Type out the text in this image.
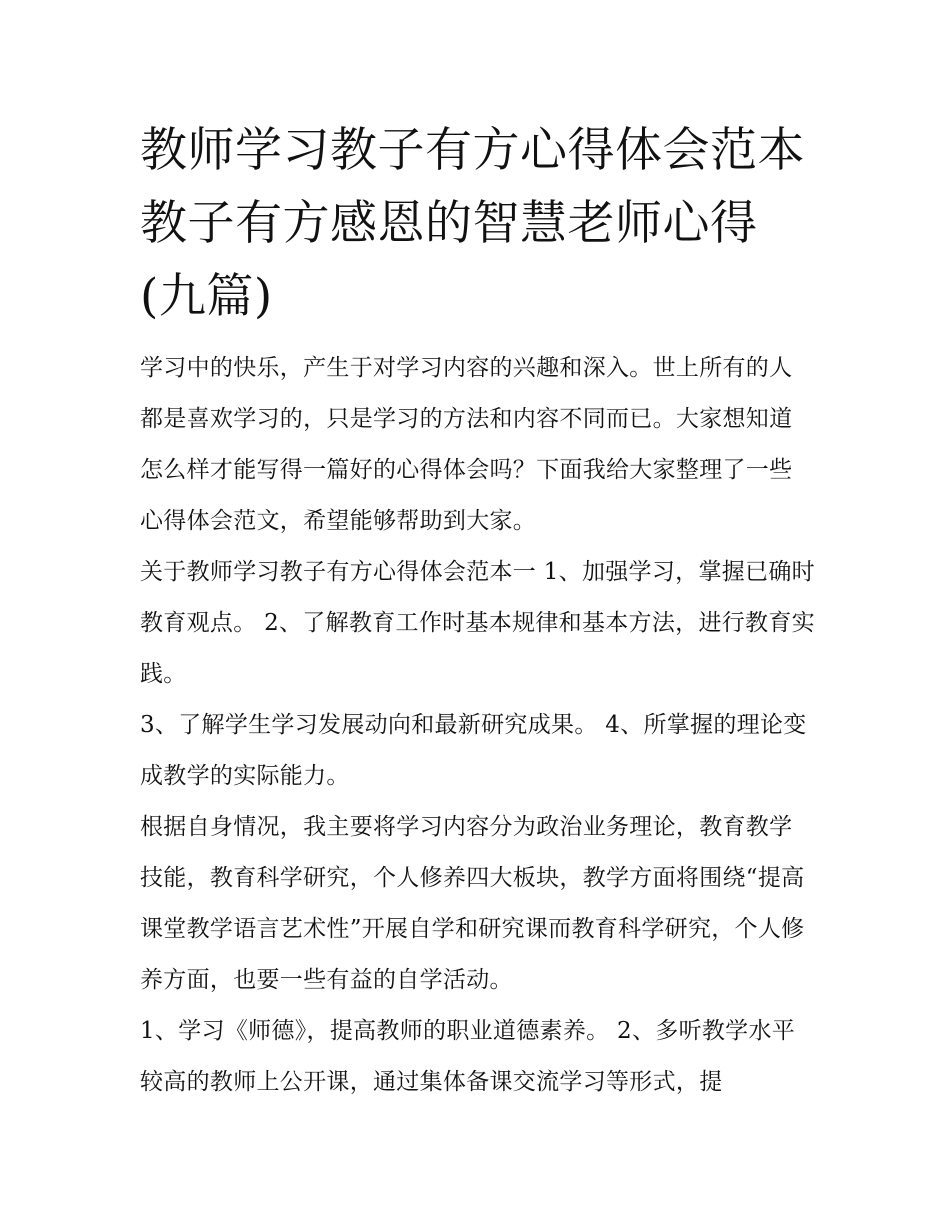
教师学习教子有方心得体会范本 教子有方感恩的智慧老师心得(九篇)

学习中的快乐，产生于对学习内容的兴趣和深入。世上所有的人都是喜欢学习的，只是学习的方法和内容不同而已。大家想知道怎么样才能写得一篇好的心得体会吗？下面我给大家整理了一些心得体会范文，希望能够帮助到大家。

关于教师学习教子有方心得体会范本一 1、加强学习，掌握已确时教育观点。 2、了解教育工作时基本规律和基本方法，进行教育实践。

3、了解学生学习发展动向和最新研究成果。 4、所掌握的理论变成教学的实际能力。

根据自身情况，我主要将学习内容分为政治业务理论，教育教学技能，教育科学研究，个人修养四大板块，教学方面将围绕“提高课堂教学语言艺术性”开展自学和研究课而教育科学研究，个人修养方面，也要一些有益的自学活动。

1、学习《师德》，提高教师的职业道德素养。 2、多听教学水平较高的教师上公开课，通过集体备课交流学习等形式，提
